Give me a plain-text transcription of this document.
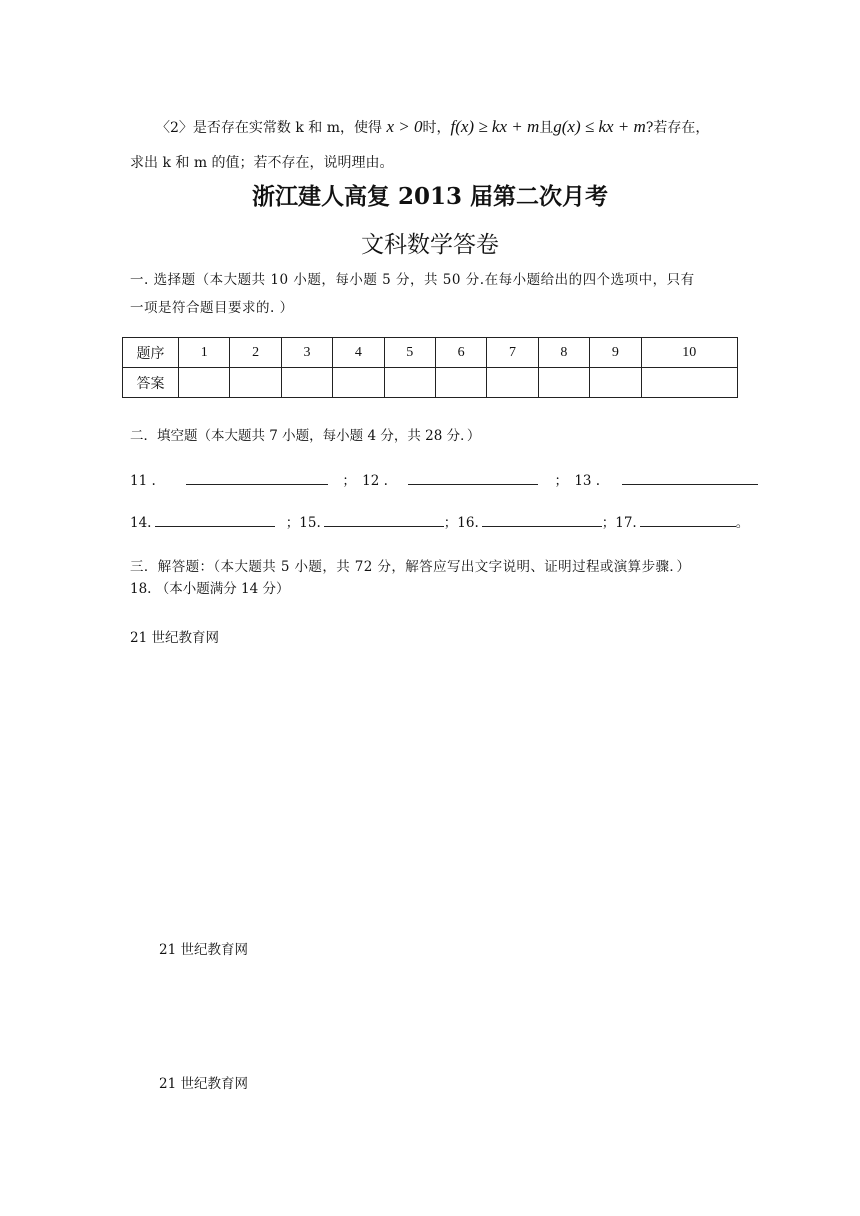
〈2〉是否存在实常数 k 和 m，使得 x > 0时，f(x) ≥ kx + m且g(x) ≤ kx + m?若存在，
求出 k 和 m 的值；若不存在，说明理由。
浙江建人高复 2013 届第二次月考
文科数学答卷
一. 选择题（本大题共 10 小题，每小题 5 分，共 50 分.在每小题给出的四个选项中，只有
一项是符合题目要求的. ）
题序	1	2	3	4	5	6	7	8	9	10
答案										
二．填空题（本大题共 7 小题，每小题 4 分，共 28 分．）
11 .	； 12 .	； 13 .
14.	；15.	；16.	；17.	。
三．解答题：（本大题共 5 小题，共 72 分，解答应写出文字说明、证明过程或演算步骤．）
18. （本小题满分 14 分）
21 世纪教育网
21 世纪教育网
21 世纪教育网
